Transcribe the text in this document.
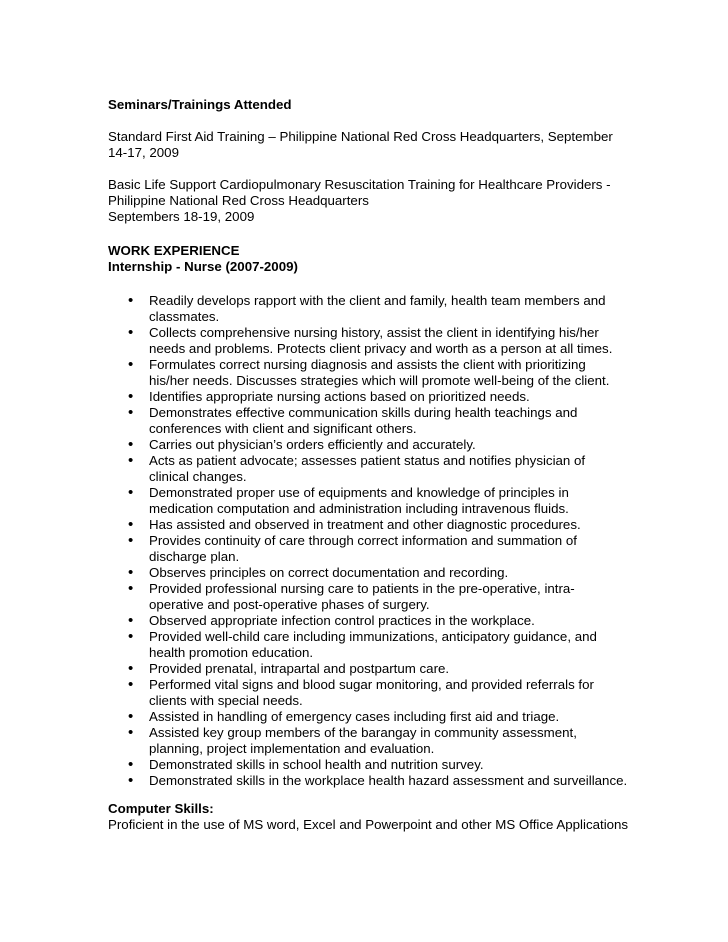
Seminars/Trainings Attended

Standard First Aid Training – Philippine National Red Cross Headquarters, September

14-17, 2009

Basic Life Support Cardiopulmonary Resuscitation Training for Healthcare Providers -

Philippine National Red Cross Headquarters

Septembers 18-19, 2009

WORK EXPERIENCE

Internship - Nurse (2007-2009)

• Readily develops rapport with the client and family, health team members and
classmates.
• Collects comprehensive nursing history, assist the client in identifying his/her
needs and problems. Protects client privacy and worth as a person at all times.
• Formulates correct nursing diagnosis and assists the client with prioritizing
his/her needs. Discusses strategies which will promote well-being of the client.
• Identifies appropriate nursing actions based on prioritized needs.
• Demonstrates effective communication skills during health teachings and
conferences with client and significant others.
• Carries out physician’s orders efficiently and accurately.
• Acts as patient advocate; assesses patient status and notifies physician of
clinical changes.
• Demonstrated proper use of equipments and knowledge of principles in
medication computation and administration including intravenous fluids.
• Has assisted and observed in treatment and other diagnostic procedures.
• Provides continuity of care through correct information and summation of
discharge plan.
• Observes principles on correct documentation and recording.
• Provided professional nursing care to patients in the pre-operative, intra-
operative and post-operative phases of surgery.
• Observed appropriate infection control practices in the workplace.
• Provided well-child care including immunizations, anticipatory guidance, and
health promotion education.
• Provided prenatal, intrapartal and postpartum care.
• Performed vital signs and blood sugar monitoring, and provided referrals for
clients with special needs.
• Assisted in handling of emergency cases including first aid and triage.
• Assisted key group members of the barangay in community assessment,
planning, project implementation and evaluation.
• Demonstrated skills in school health and nutrition survey.
• Demonstrated skills in the workplace health hazard assessment and surveillance.

Computer Skills:

Proficient in the use of MS word, Excel and Powerpoint and other MS Office Applications
